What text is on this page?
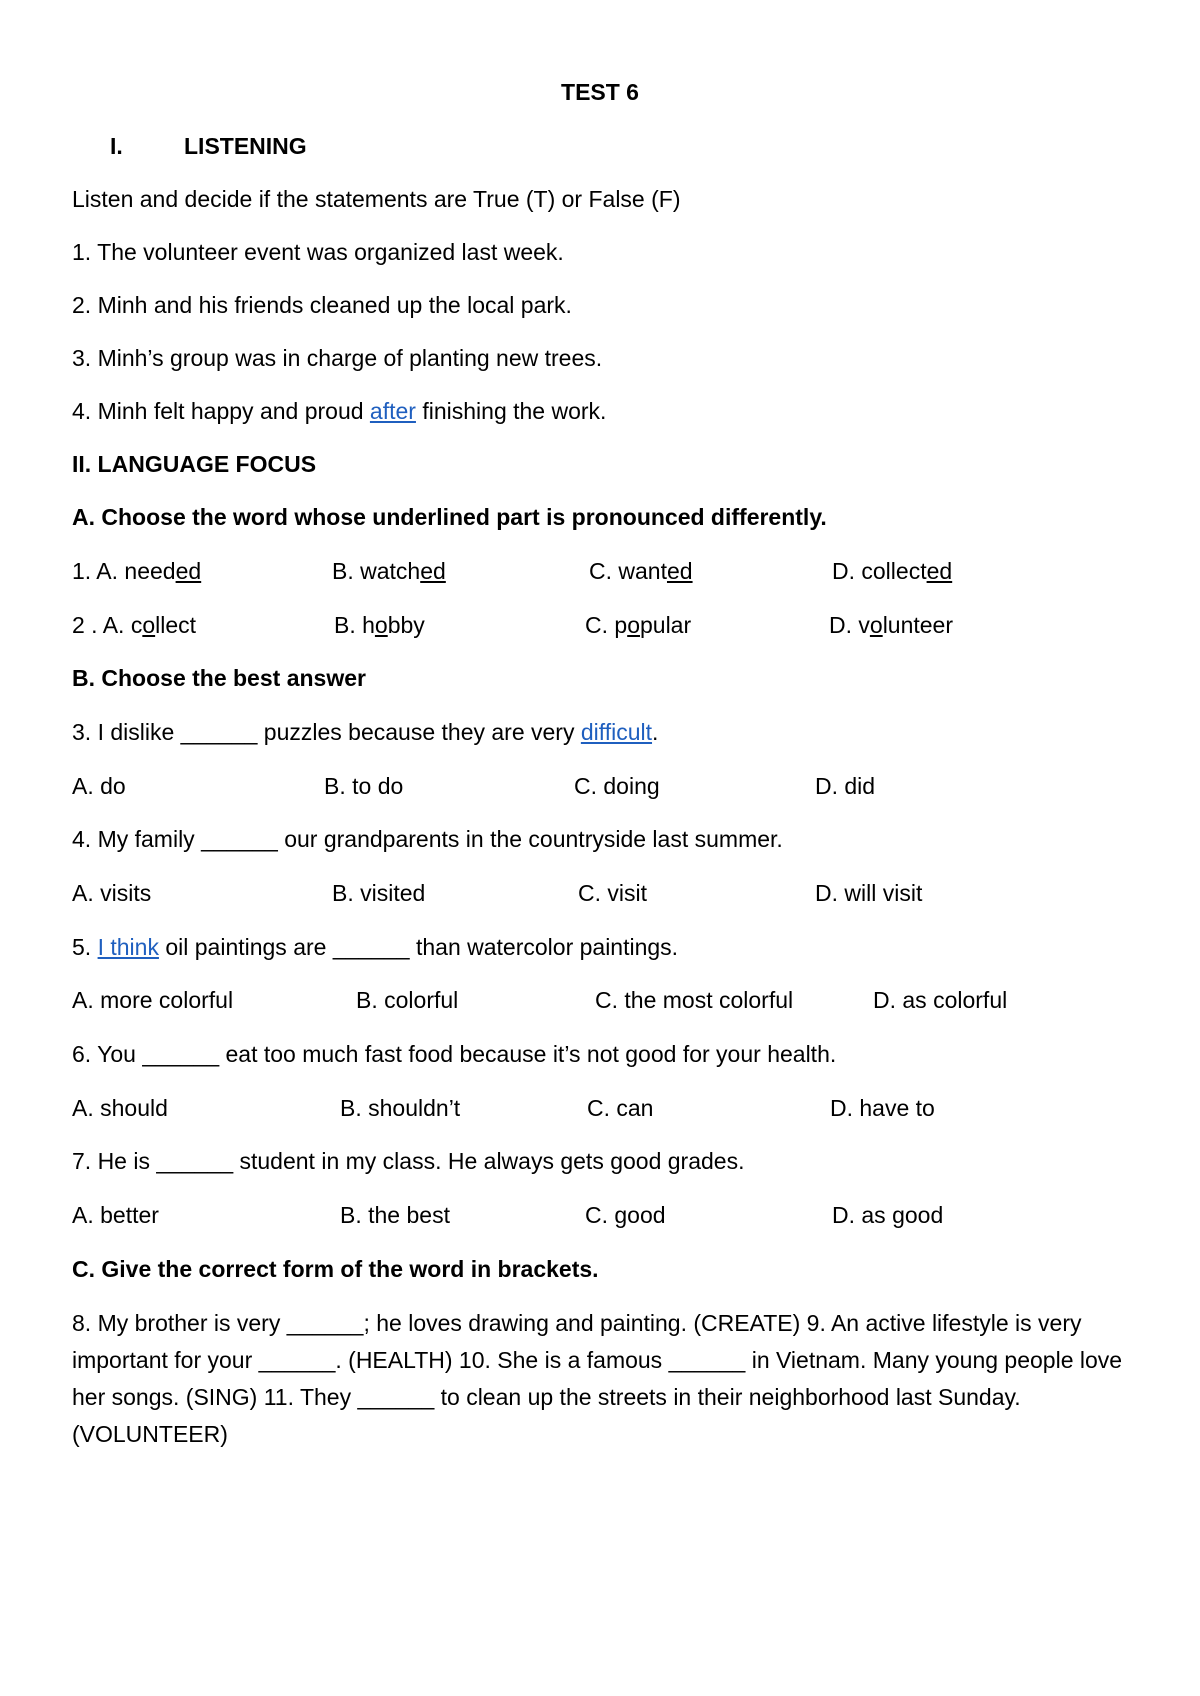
TEST 6
I.	LISTENING
Listen and decide if the statements are True (T) or False (F)
1. The volunteer event was organized last week.
2. Minh and his friends cleaned up the local park.
3. Minh’s group was in charge of planting new trees.
4. Minh felt happy and proud after finishing the work.
II. LANGUAGE FOCUS
A. Choose the word whose underlined part is pronounced differently.
1. A. needed	B. watched	C. wanted	D. collected
2 . A. collect	B. hobby	C. popular	D. volunteer
B. Choose the best answer
3. I dislike ______ puzzles because they are very difficult.
A. do	B. to do	C. doing	D. did
4. My family ______ our grandparents in the countryside last summer.
A. visits	B. visited	C. visit	D. will visit
5. I think oil paintings are ______ than watercolor paintings.
A. more colorful	B. colorful	C. the most colorful	D. as colorful
6. You ______ eat too much fast food because it’s not good for your health.
A. should	B. shouldn’t	C. can	D. have to
7. He is ______ student in my class. He always gets good grades.
A. better	B. the best	C. good	D. as good
C. Give the correct form of the word in brackets.
8. My brother is very ______; he loves drawing and painting. (CREATE) 9. An active lifestyle is very important for your ______. (HEALTH) 10. She is a famous ______ in Vietnam. Many young people love her songs. (SING) 11. They ______ to clean up the streets in their neighborhood last Sunday. (VOLUNTEER)
